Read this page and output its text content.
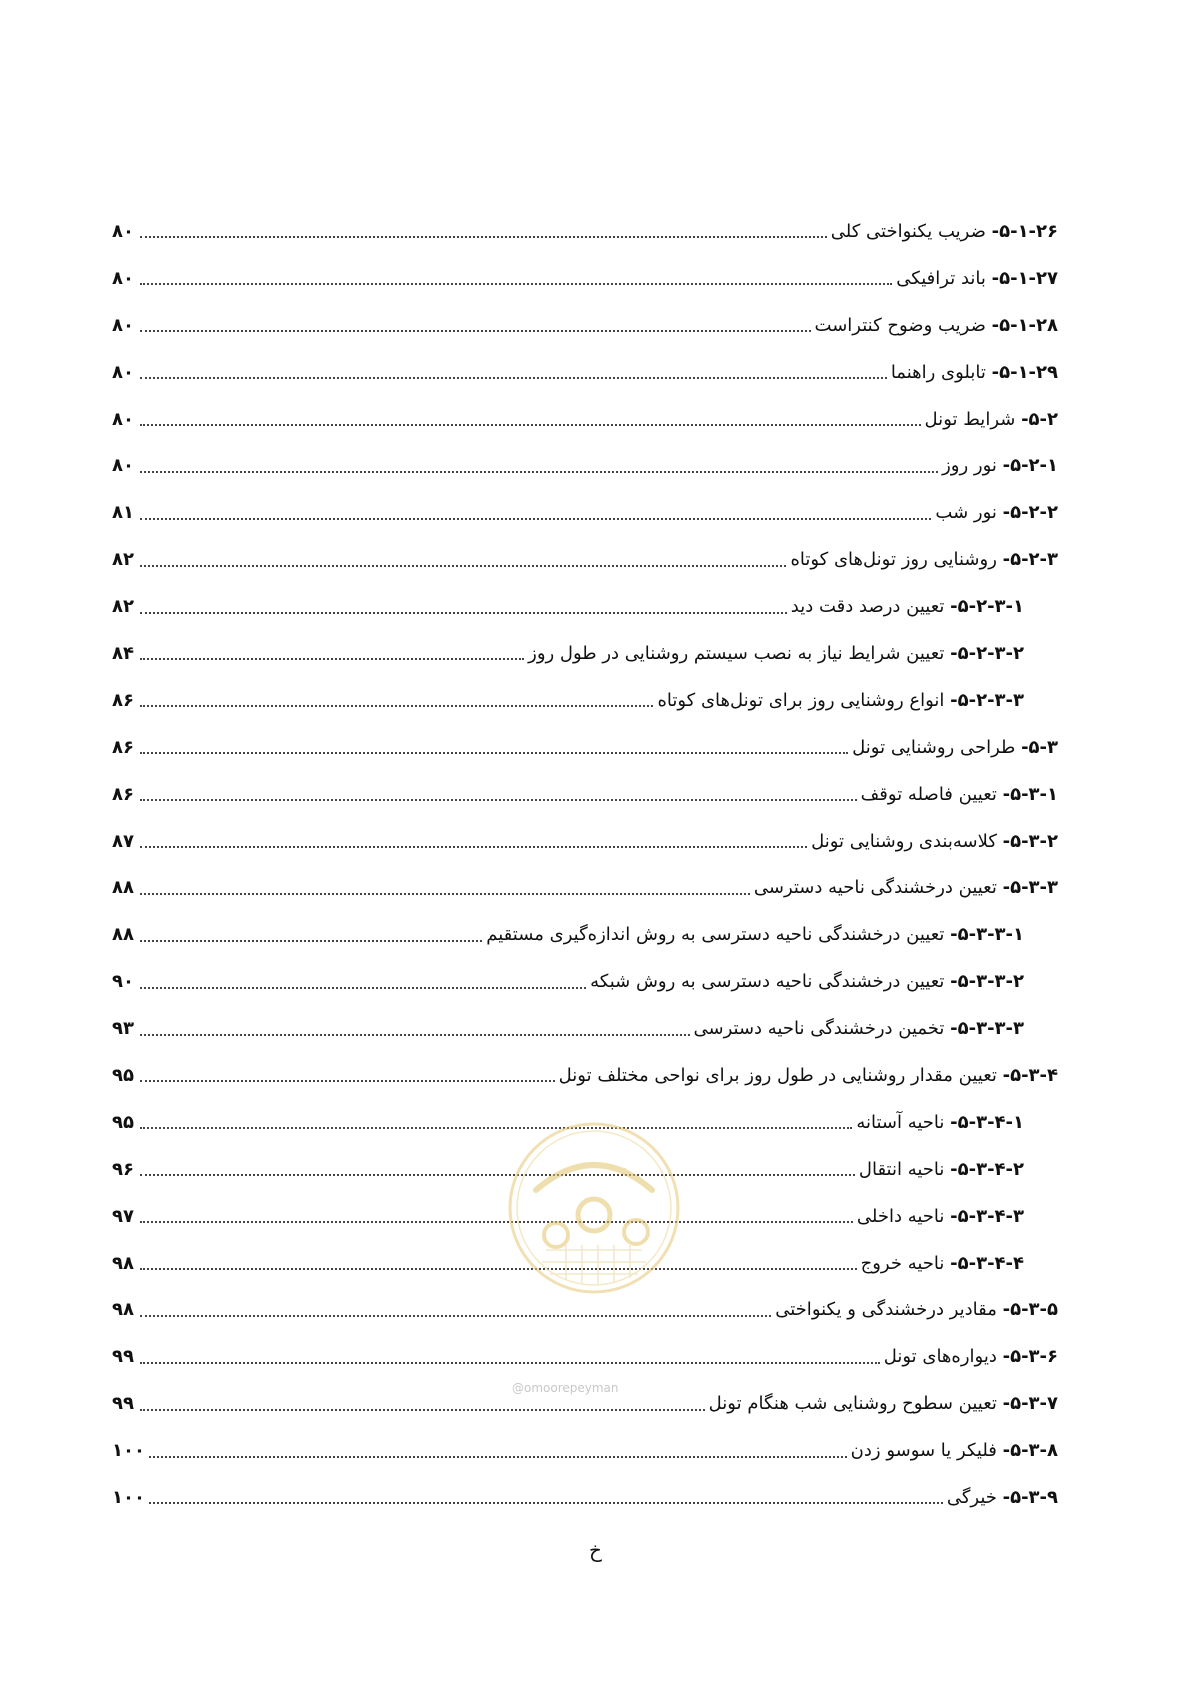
۵-۱-۲۶- ضریب یکنواختی کلی
۸۰
۵-۱-۲۷- باند ترافیکی
۸۰
۵-۱-۲۸- ضریب وضوح کنتراست
۸۰
۵-۱-۲۹- تابلوی راهنما
۸۰
۵-۲- شرایط تونل
۸۰
۵-۲-۱- نور روز
۸۰
۵-۲-۲- نور شب
۸۱
۵-۲-۳- روشنایی روز تونل‌های کوتاه
۸۲
۵-۲-۳-۱- تعیین درصد دقت دید
۸۲
۵-۲-۳-۲- تعیین شرایط نیاز به نصب سیستم روشنایی در طول روز
۸۴
۵-۲-۳-۳- انواع روشنایی روز برای تونل‌های کوتاه
۸۶
۵-۳- طراحی روشنایی تونل
۸۶
۵-۳-۱- تعیین فاصله توقف
۸۶
۵-۳-۲- کلاسه‌بندی روشنایی تونل
۸۷
۵-۳-۳- تعیین درخشندگی ناحیه دسترسی
۸۸
۵-۳-۳-۱- تعیین درخشندگی ناحیه دسترسی به روش اندازه‌گیری مستقیم
۸۸
۵-۳-۳-۲- تعیین درخشندگی ناحیه دسترسی به روش شبکه
۹۰
۵-۳-۳-۳- تخمین درخشندگی ناحیه دسترسی
۹۳
۵-۳-۴- تعیین مقدار روشنایی در طول روز برای نواحی مختلف تونل
۹۵
۵-۳-۴-۱- ناحیه آستانه
۹۵
۵-۳-۴-۲- ناحیه انتقال
۹۶
۵-۳-۴-۳- ناحیه داخلی
۹۷
۵-۳-۴-۴- ناحیه خروج
۹۸
۵-۳-۵- مقادیر درخشندگی و یکنواختی
۹۸
۵-۳-۶- دیواره‌های تونل
۹۹
۵-۳-۷- تعیین سطوح روشنایی شب هنگام تونل
۹۹
۵-۳-۸- فلیکر یا سوسو زدن
۱۰۰
۵-۳-۹- خیرگی
۱۰۰
@omoorepeyman
خ
